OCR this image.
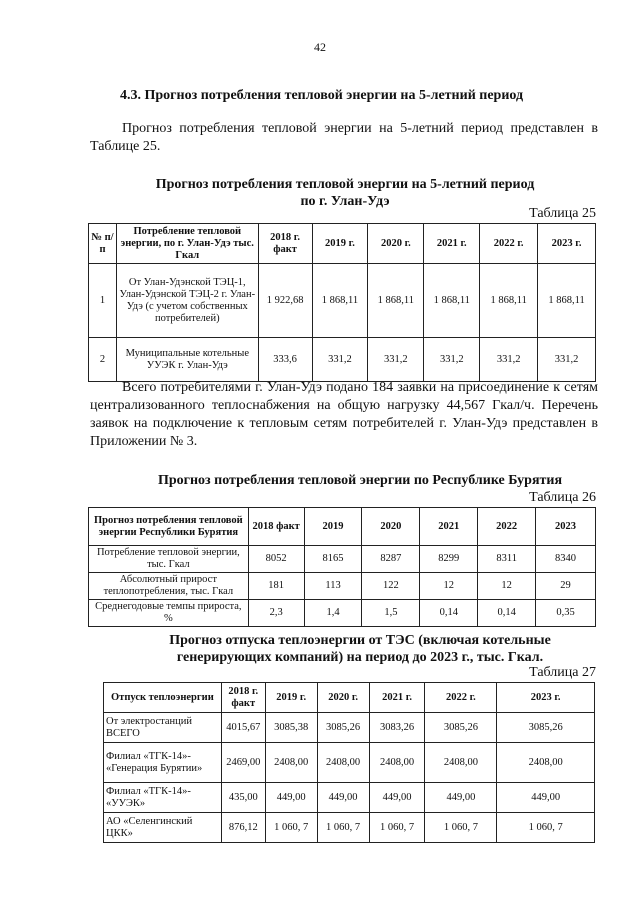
42
4.3. Прогноз потребления тепловой энергии на 5-летний период
Прогноз потребления тепловой энергии на 5-летний период представлен в Таблице 25.
Прогноз потребления тепловой энергии на 5-летний период
по г. Улан-Удэ
Таблица 25
№ п/п	Потребление тепловой энергии, по г. Улан-Удэ тыс. Гкал	2018 г. факт	2019 г.	2020 г.	2021 г.	2022 г.	2023 г.
1	От Улан-Удэнской ТЭЦ-1, Улан-Удэнской ТЭЦ-2 г. Улан-Удэ (с учетом собственных потребителей)	1 922,68	1 868,11	1 868,11	1 868,11	1 868,11	1 868,11
2	Муниципальные котельные УУЭК г. Улан-Удэ	333,6	331,2	331,2	331,2	331,2	331,2
Всего потребителями г. Улан-Удэ подано 184 заявки на присоединение к сетям централизованного теплоснабжения на общую нагрузку 44,567 Гкал/ч. Перечень заявок на подключение к тепловым сетям потребителей г. Улан-Удэ представлен в Приложении № 3.
Прогноз потребления тепловой энергии по Республике Бурятия
Таблица 26
Прогноз потребления тепловой энергии Республики Бурятия	2018 факт	2019	2020	2021	2022	2023
Потребление тепловой энергии, тыс. Гкал	8052	8165	8287	8299	8311	8340
Абсолютный прирост теплопотребления, тыс. Гкал	181	113	122	12	12	29
Среднегодовые темпы прироста, %	2,3	1,4	1,5	0,14	0,14	0,35
Прогноз отпуска теплоэнергии от ТЭС (включая котельные
генерирующих компаний) на период до 2023 г., тыс. Гкал.
Таблица 27
Отпуск теплоэнергии	2018 г. факт	2019 г.	2020 г.	2021 г.	2022 г.	2023 г.
От электростанций ВСЕГО	4015,67	3085,38	3085,26	3083,26	3085,26	3085,26
Филиал «ТГК-14»- «Генерация Бурятии»	2469,00	2408,00	2408,00	2408,00	2408,00	2408,00
Филиал «ТГК-14»- «УУЭК»	435,00	449,00	449,00	449,00	449,00	449,00
АО «Селенгинский ЦКК»	876,12	1 060, 7	1 060, 7	1 060, 7	1 060, 7	1 060, 7
